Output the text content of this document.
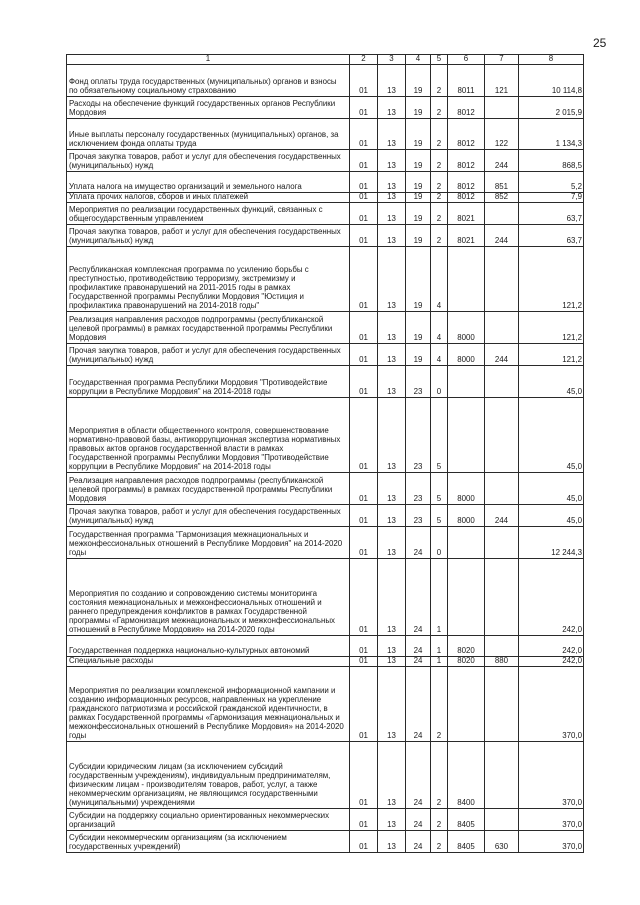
25
1	2	3	4	5	6	7	8
Фонд оплаты труда государственных (муниципальных) органов и взносы по обязательному социальному страхованию	01	13	19	2	8011	121	10 114,8
Расходы на обеспечение функций государственных органов Республики Мордовия	01	13	19	2	8012		2 015,9
Иные выплаты персоналу государственных (муниципальных) органов, за исключением фонда оплаты труда	01	13	19	2	8012	122	1 134,3
Прочая закупка товаров, работ и услуг для обеспечения государственных (муниципальных) нужд	01	13	19	2	8012	244	868,5
Уплата налога на имущество организаций и земельного налога	01	13	19	2	8012	851	5,2
Уплата прочих налогов, сборов и иных платежей	01	13	19	2	8012	852	7,9
Мероприятия по реализации государственных функций, связанных с общегосударственным управлением	01	13	19	2	8021		63,7
Прочая закупка товаров, работ и услуг для обеспечения государственных (муниципальных) нужд	01	13	19	2	8021	244	63,7
Республиканская комплексная программа по усилению борьбы с преступностью, противодействию терроризму, экстремизму и профилактике правонарушений на 2011-2015 годы в рамках Государственной программы Республики Мордовия "Юстиция и профилактика правонарушений на 2014-2018 годы"	01	13	19	4			121,2
Реализация направления расходов подпрограммы (республиканской целевой программы) в рамках государственной программы Республики Мордовия	01	13	19	4	8000		121,2
Прочая закупка товаров, работ и услуг для обеспечения государственных (муниципальных) нужд	01	13	19	4	8000	244	121,2
Государственная программа Республики Мордовия "Противодействие коррупции в Республике Мордовия" на 2014-2018 годы	01	13	23	0			45,0
Мероприятия в области общественного контроля, совершенствование нормативно-правовой базы, антикоррупционная экспертиза нормативных правовых актов органов государственной власти в рамках Государственной программы Республики Мордовия "Противодействие коррупции в Республике Мордовия" на 2014-2018 годы	01	13	23	5			45,0
Реализация направления расходов подпрограммы (республиканской целевой программы) в рамках государственной программы Республики Мордовия	01	13	23	5	8000		45,0
Прочая закупка товаров, работ и услуг для обеспечения государственных (муниципальных) нужд	01	13	23	5	8000	244	45,0
Государственная программа "Гармонизация межнациональных и межконфессиональных отношений в Республике Мордовия" на 2014-2020 годы	01	13	24	0			12 244,3
Мероприятия по созданию и сопровождению системы мониторинга состояния межнациональных и межконфессиональных отношений и раннего предупреждения конфликтов в рамках Государственной программы «Гармонизация межнациональных и межконфессиональных отношений в Республике Мордовия» на 2014-2020 годы	01	13	24	1			242,0
Государственная поддержка национально-культурных автономий	01	13	24	1	8020		242,0
Специальные расходы	01	13	24	1	8020	880	242,0
Мероприятия по реализации комплексной информационной кампании и созданию информационных ресурсов, направленных на укрепление гражданского патриотизма и российской гражданской идентичности, в рамках Государственной программы «Гармонизация межнациональных и межконфессиональных отношений в Республике Мордовия» на 2014-2020 годы	01	13	24	2			370,0
Субсидии юридическим лицам (за исключением субсидий государственным учреждениям), индивидуальным предпринимателям, физическим лицам - производителям товаров, работ, услуг, а также некоммерческим организациям, не являющимся государственными (муниципальными) учреждениями	01	13	24	2	8400		370,0
Субсидии на поддержку социально ориентированных некоммерческих организаций	01	13	24	2	8405		370,0
Субсидии некоммерческим организациям (за исключением государственных учреждений)	01	13	24	2	8405	630	370,0
